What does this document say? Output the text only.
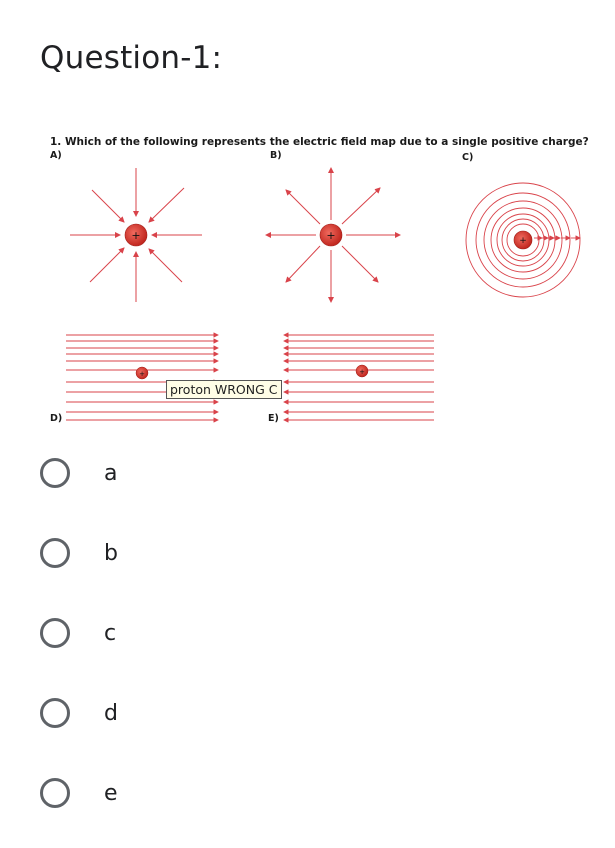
Question-1:
+	+	+
+	+
1. Which of the following represents the electric field map due to a single positive charge?
A)	B)	C)
D)	E)
proton WRONG C
a
b
c
d
e
